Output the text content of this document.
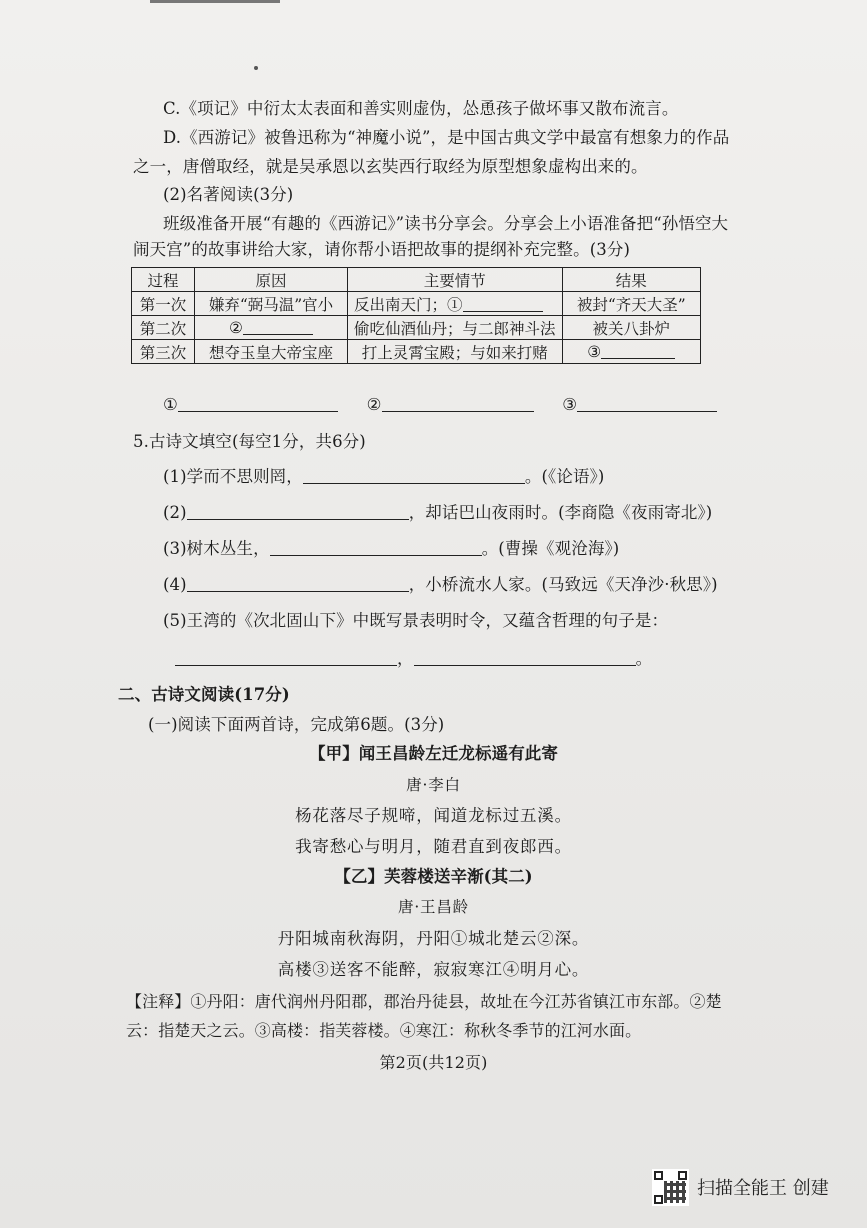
C.《项记》中衍太太表面和善实则虚伪，怂恿孩子做坏事又散布流言。
D.《西游记》被鲁迅称为“神魔小说”，是中国古典文学中最富有想象力的作品
之一，唐僧取经，就是吴承恩以玄奘西行取经为原型想象虚构出来的。
(2)名著阅读(3分)
班级准备开展“有趣的《西游记》”读书分享会。分享会上小语准备把“孙悟空大
闹天宫”的故事讲给大家，请你帮小语把故事的提纲补充完整。(3分)
过程	原因	主要情节	结果
第一次	嫌弃“弼马温”官小	反出南天门；①	被封“齐天大圣”
第二次	②	偷吃仙酒仙丹；与二郎神斗法	被关八卦炉
第三次	想夺玉皇大帝宝座	打上灵霄宝殿；与如来打赌	③
①	②	③
5.古诗文填空(每空1分，共6分)
(1)学而不思则罔，	。(《论语》)
(2)	，却话巴山夜雨时。(李商隐《夜雨寄北》)
(3)树木丛生，	。(曹操《观沧海》)
(4)	，小桥流水人家。(马致远《天净沙·秋思》)
(5)王湾的《次北固山下》中既写景表明时令，又蕴含哲理的句子是：
，	。
二、古诗文阅读(17分)
(一)阅读下面两首诗，完成第6题。(3分)
【甲】闻王昌龄左迁龙标遥有此寄
唐·李白
杨花落尽子规啼，闻道龙标过五溪。
我寄愁心与明月，随君直到夜郎西。
【乙】芙蓉楼送辛渐(其二)
唐·王昌龄
丹阳城南秋海阴，丹阳①城北楚云②深。
高楼③送客不能醉，寂寂寒江④明月心。
【注释】①丹阳：唐代润州丹阳郡，郡治丹徒县，故址在今江苏省镇江市东部。②楚
云：指楚天之云。③高楼：指芙蓉楼。④寒江：称秋冬季节的江河水面。
第2页(共12页)
扫描全能王 创建
